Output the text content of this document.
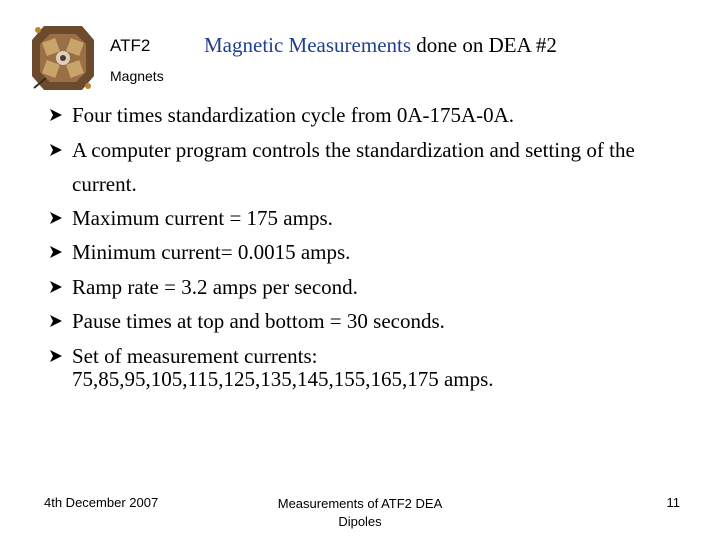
ATF2
Magnets
Magnetic Measurements done on DEA #2
Four times standardization cycle from 0A-175A-0A.
A computer program controls the standardization and setting of the current.
Maximum current = 175 amps.
Minimum current= 0.0015 amps.
Ramp rate = 3.2 amps per second.
Pause times at top and bottom = 30 seconds.
Set of measurement currents:
75,85,95,105,115,125,135,145,155,165,175 amps.
4th December 2007	Measurements of ATF2 DEA
Dipoles
11
